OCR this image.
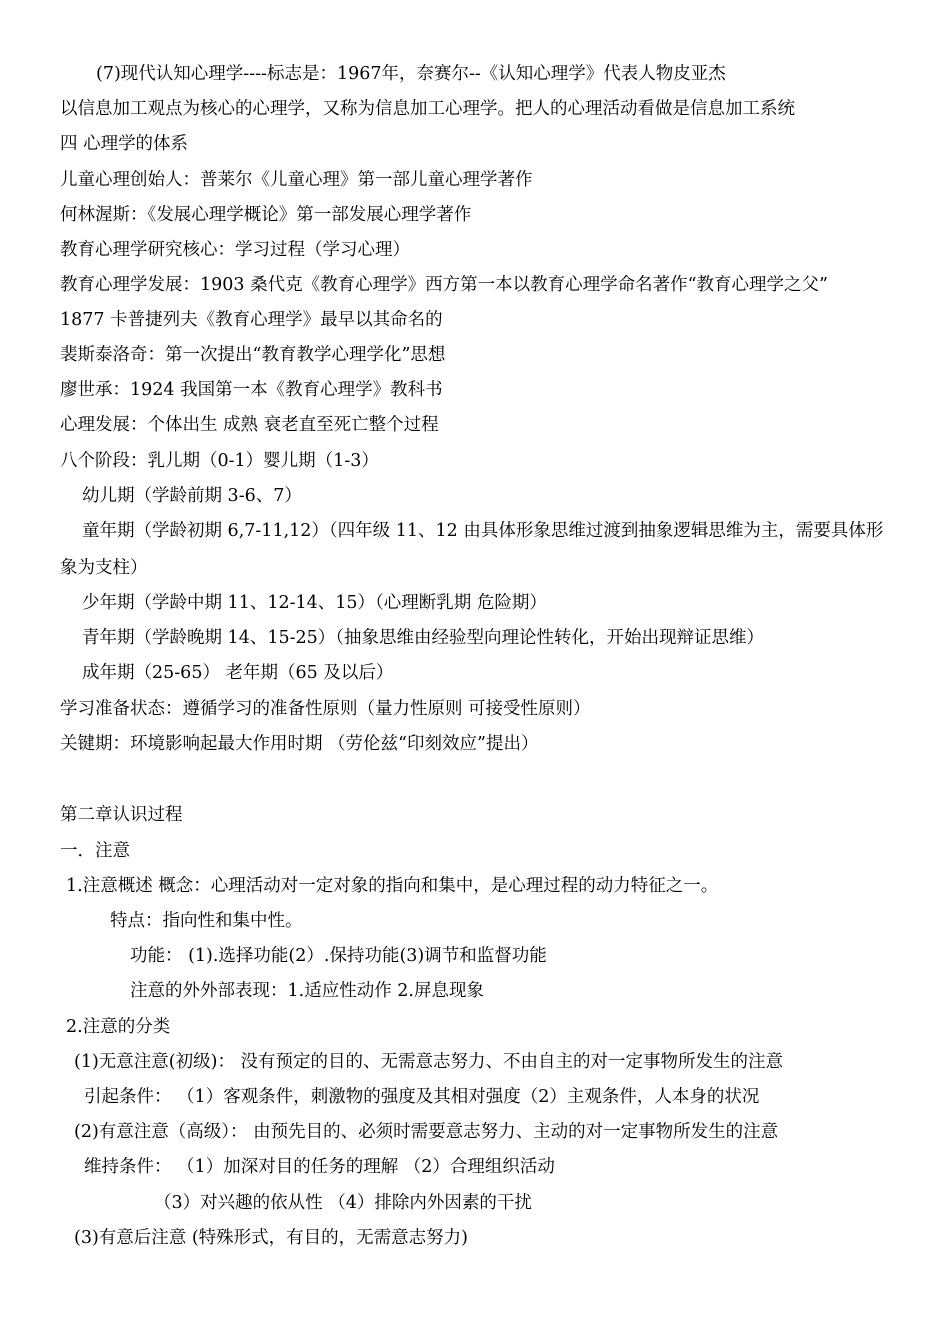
(7)现代认知心理学----标志是：1967年，奈赛尔--《认知心理学》代表人物皮亚杰
以信息加工观点为核心的心理学，又称为信息加工心理学。把人的心理活动看做是信息加工系统
四 心理学的体系
儿童心理创始人：普莱尔《儿童心理》第一部儿童心理学著作
何林渥斯：《发展心理学概论》第一部发展心理学著作
教育心理学研究核心：学习过程（学习心理）
教育心理学发展：1903 桑代克《教育心理学》西方第一本以教育心理学命名著作“教育心理学之父”
1877 卡普捷列夫《教育心理学》最早以其命名的
裴斯泰洛奇：第一次提出“教育教学心理学化”思想
廖世承：1924 我国第一本《教育心理学》教科书
心理发展：个体出生 成熟 衰老直至死亡整个过程
八个阶段：乳儿期（0-1）婴儿期（1-3）
幼儿期（学龄前期 3-6、7）
童年期（学龄初期 6,7-11,12）（四年级 11、12 由具体形象思维过渡到抽象逻辑思维为主，需要具体形
象为支柱）
少年期（学龄中期 11、12-14、15）（心理断乳期 危险期）
青年期（学龄晚期 14、15-25）（抽象思维由经验型向理论性转化，开始出现辩证思维）
成年期（25-65） 老年期（65 及以后）
学习准备状态：遵循学习的准备性原则（量力性原则 可接受性原则）
关键期：环境影响起最大作用时期 （劳伦兹“印刻效应”提出）
第二章认识过程
一．注意
1.注意概述 概念：心理活动对一定对象的指向和集中，是心理过程的动力特征之一。
特点：指向性和集中性。
功能： (1).选择功能(2）.保持功能(3)调节和监督功能
注意的外外部表现：1.适应性动作 2.屏息现象
2.注意的分类
(1)无意注意(初级)： 没有预定的目的、无需意志努力、不由自主的对一定事物所发生的注意
引起条件： （1）客观条件，刺激物的强度及其相对强度（2）主观条件，人本身的状况
(2)有意注意（高级）： 由预先目的、必须时需要意志努力、主动的对一定事物所发生的注意
维持条件： （1）加深对目的任务的理解 （2）合理组织活动
（3）对兴趣的依从性 （4）排除内外因素的干扰
(3)有意后注意 (特殊形式，有目的，无需意志努力)
